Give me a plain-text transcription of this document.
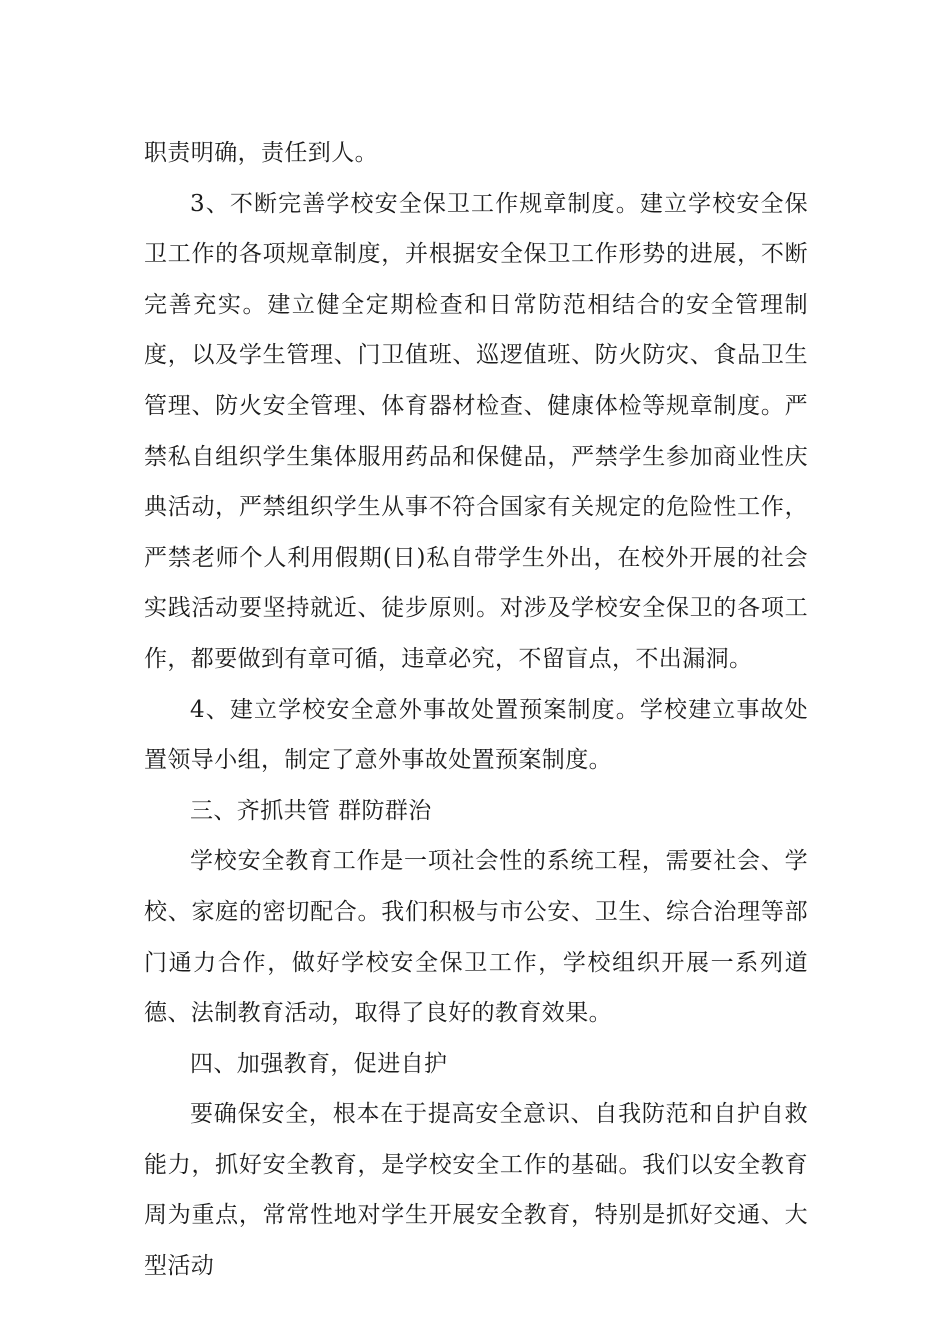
职责明确，责任到人。

3、不断完善学校安全保卫工作规章制度。建立学校安全保卫工作的各项规章制度，并根据安全保卫工作形势的进展，不断完善充实。建立健全定期检查和日常防范相结合的安全管理制度，以及学生管理、门卫值班、巡逻值班、防火防灾、食品卫生管理、防火安全管理、体育器材检查、健康体检等规章制度。严禁私自组织学生集体服用药品和保健品，严禁学生参加商业性庆典活动，严禁组织学生从事不符合国家有关规定的危险性工作，严禁老师个人利用假期(日)私自带学生外出，在校外开展的社会实践活动要坚持就近、徒步原则。对涉及学校安全保卫的各项工作，都要做到有章可循，违章必究，不留盲点，不出漏洞。

4、建立学校安全意外事故处置预案制度。学校建立事故处置领导小组，制定了意外事故处置预案制度。

三、齐抓共管 群防群治

学校安全教育工作是一项社会性的系统工程，需要社会、学校、家庭的密切配合。我们积极与市公安、卫生、综合治理等部门通力合作，做好学校安全保卫工作，学校组织开展一系列道德、法制教育活动，取得了良好的教育效果。

四、加强教育，促进自护

要确保安全，根本在于提高安全意识、自我防范和自护自救能力，抓好安全教育，是学校安全工作的基础。我们以安全教育周为重点，常常性地对学生开展安全教育，特别是抓好交通、大型活动
